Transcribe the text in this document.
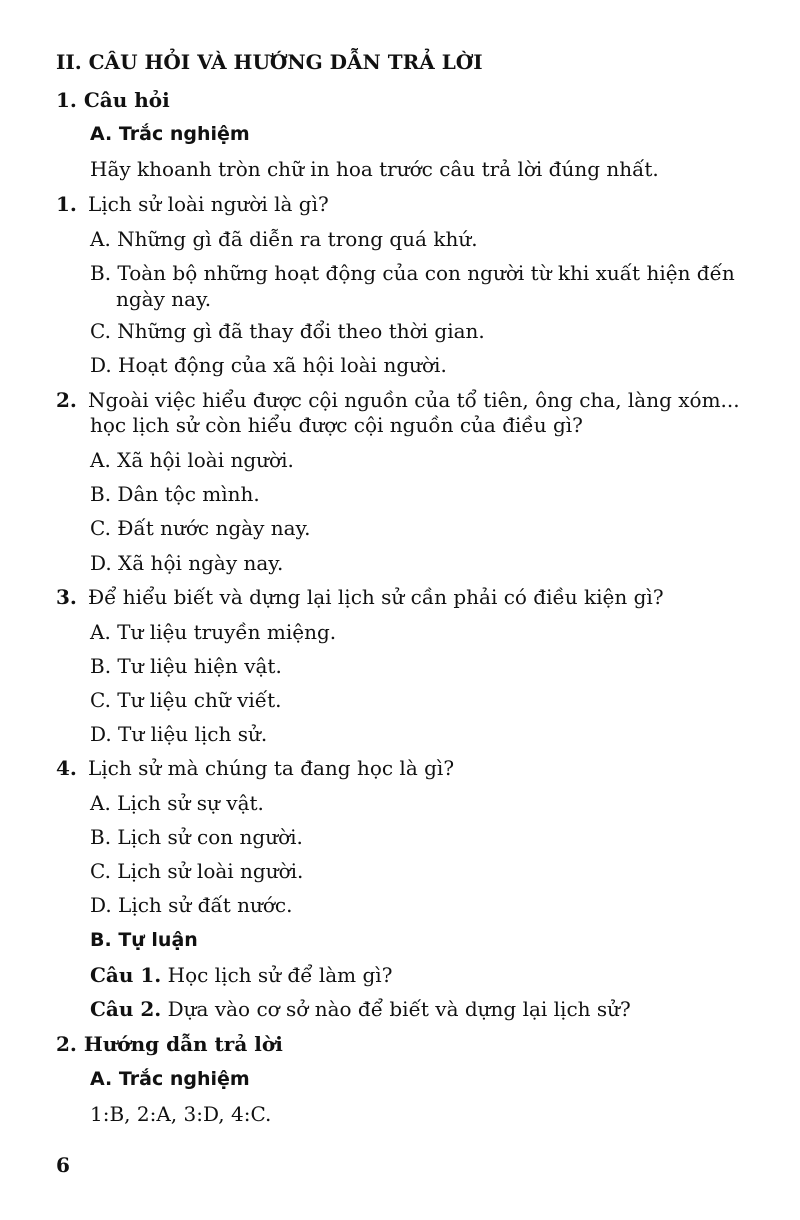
II. CÂU HỎI VÀ HƯỚNG DẪN TRẢ LỜI
1. Câu hỏi
A. Trắc nghiệm
Hãy khoanh tròn chữ in hoa trước câu trả lời đúng nhất.
1. Lịch sử loài người là gì?
A. Những gì đã diễn ra trong quá khứ.
B. Toàn bộ những hoạt động của con người từ khi xuất hiện đến
ngày nay.
C. Những gì đã thay đổi theo thời gian.
D. Hoạt động của xã hội loài người.
2. Ngoài việc hiểu được cội nguồn của tổ tiên, ông cha, làng xóm...
học lịch sử còn hiểu được cội nguồn của điều gì?
A. Xã hội loài người.
B. Dân tộc mình.
C. Đất nước ngày nay.
D. Xã hội ngày nay.
3. Để hiểu biết và dựng lại lịch sử cần phải có điều kiện gì?
A. Tư liệu truyền miệng.
B. Tư liệu hiện vật.
C. Tư liệu chữ viết.
D. Tư liệu lịch sử.
4. Lịch sử mà chúng ta đang học là gì?
A. Lịch sử sự vật.
B. Lịch sử con người.
C. Lịch sử loài người.
D. Lịch sử đất nước.
B. Tự luận
Câu 1. Học lịch sử để làm gì?
Câu 2. Dựa vào cơ sở nào để biết và dựng lại lịch sử?
2. Hướng dẫn trả lời
A. Trắc nghiệm
1:B, 2:A, 3:D, 4:C.
6
